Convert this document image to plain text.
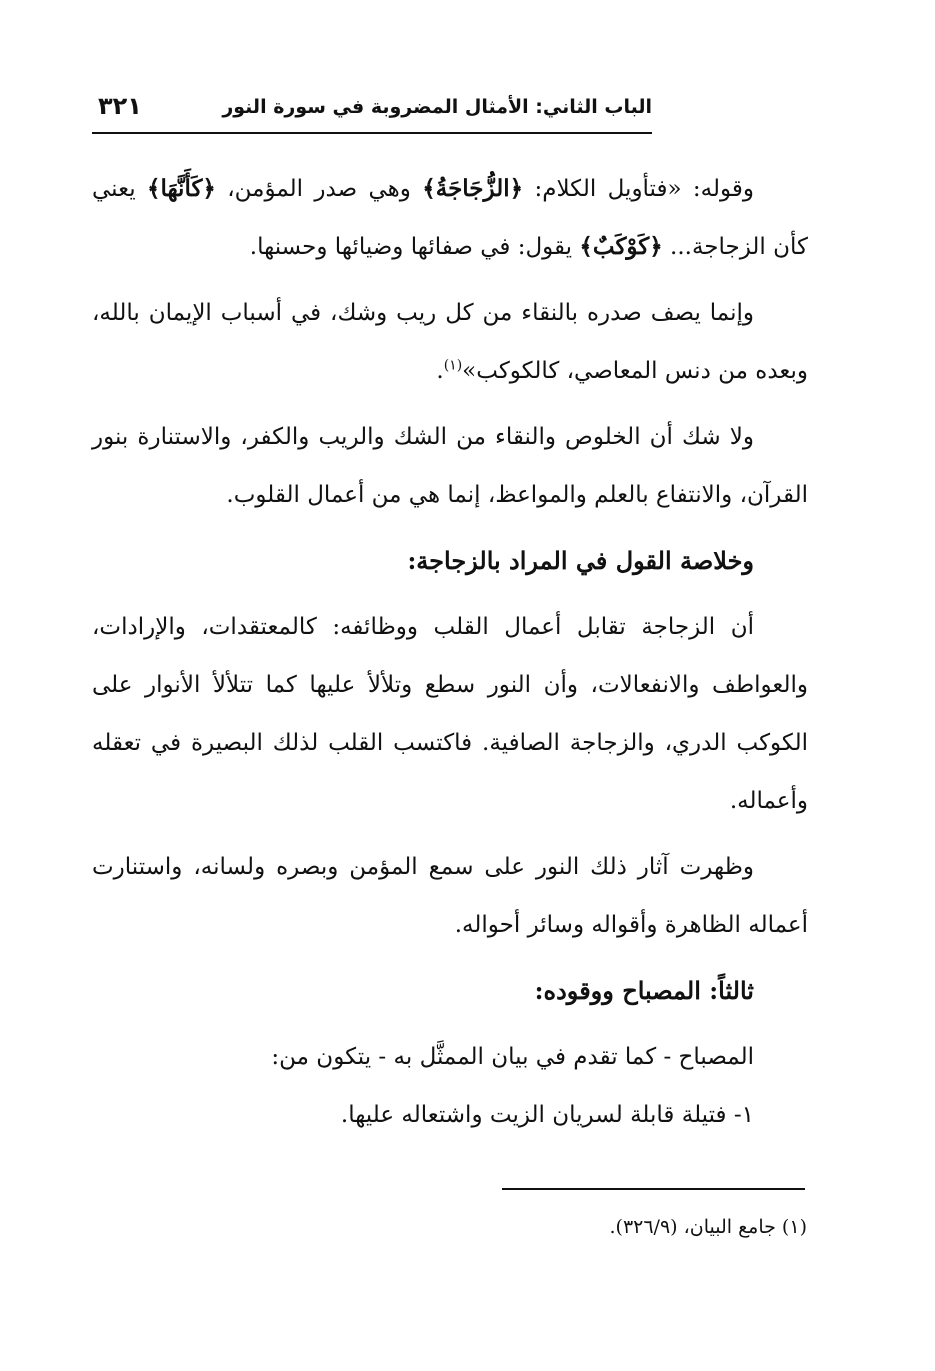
٣٢١	الباب الثاني: الأمثال المضروبة في سورة النور

وقوله: «فتأويل الكلام: ﴿الزُّجَاجَةُ﴾ وهي صدر المؤمن، ﴿كَأَنَّهَا﴾ يعني كأن الزجاجة... ﴿كَوْكَبٌ﴾ يقول: في صفائها وضيائها وحسنها.

وإنما يصف صدره بالنقاء من كل ريب وشك، في أسباب الإيمان بالله، وبعده من دنس المعاصي، كالكوكب»$^{(١)}$.

ولا شك أن الخلوص والنقاء من الشك والريب والكفر، والاستنارة بنور القرآن، والانتفاع بالعلم والمواعظ، إنما هي من أعمال القلوب.

وخلاصة القول في المراد بالزجاجة:

أن الزجاجة تقابل أعمال القلب ووظائفه: كالمعتقدات، والإرادات، والعواطف والانفعالات، وأن النور سطع وتلألأ عليها كما تتلألأ الأنوار على الكوكب الدري، والزجاجة الصافية. فاكتسب القلب لذلك البصيرة في تعقله وأعماله.

وظهرت آثار ذلك النور على سمع المؤمن وبصره ولسانه، واستنارت أعماله الظاهرة وأقواله وسائر أحواله.

ثالثاً: المصباح ووقوده:

المصباح - كما تقدم في بيان الممثَّل به - يتكون من:

١- فتيلة قابلة لسريان الزيت واشتعاله عليها.

(١) جامع البيان، (٣٢٦/٩).
